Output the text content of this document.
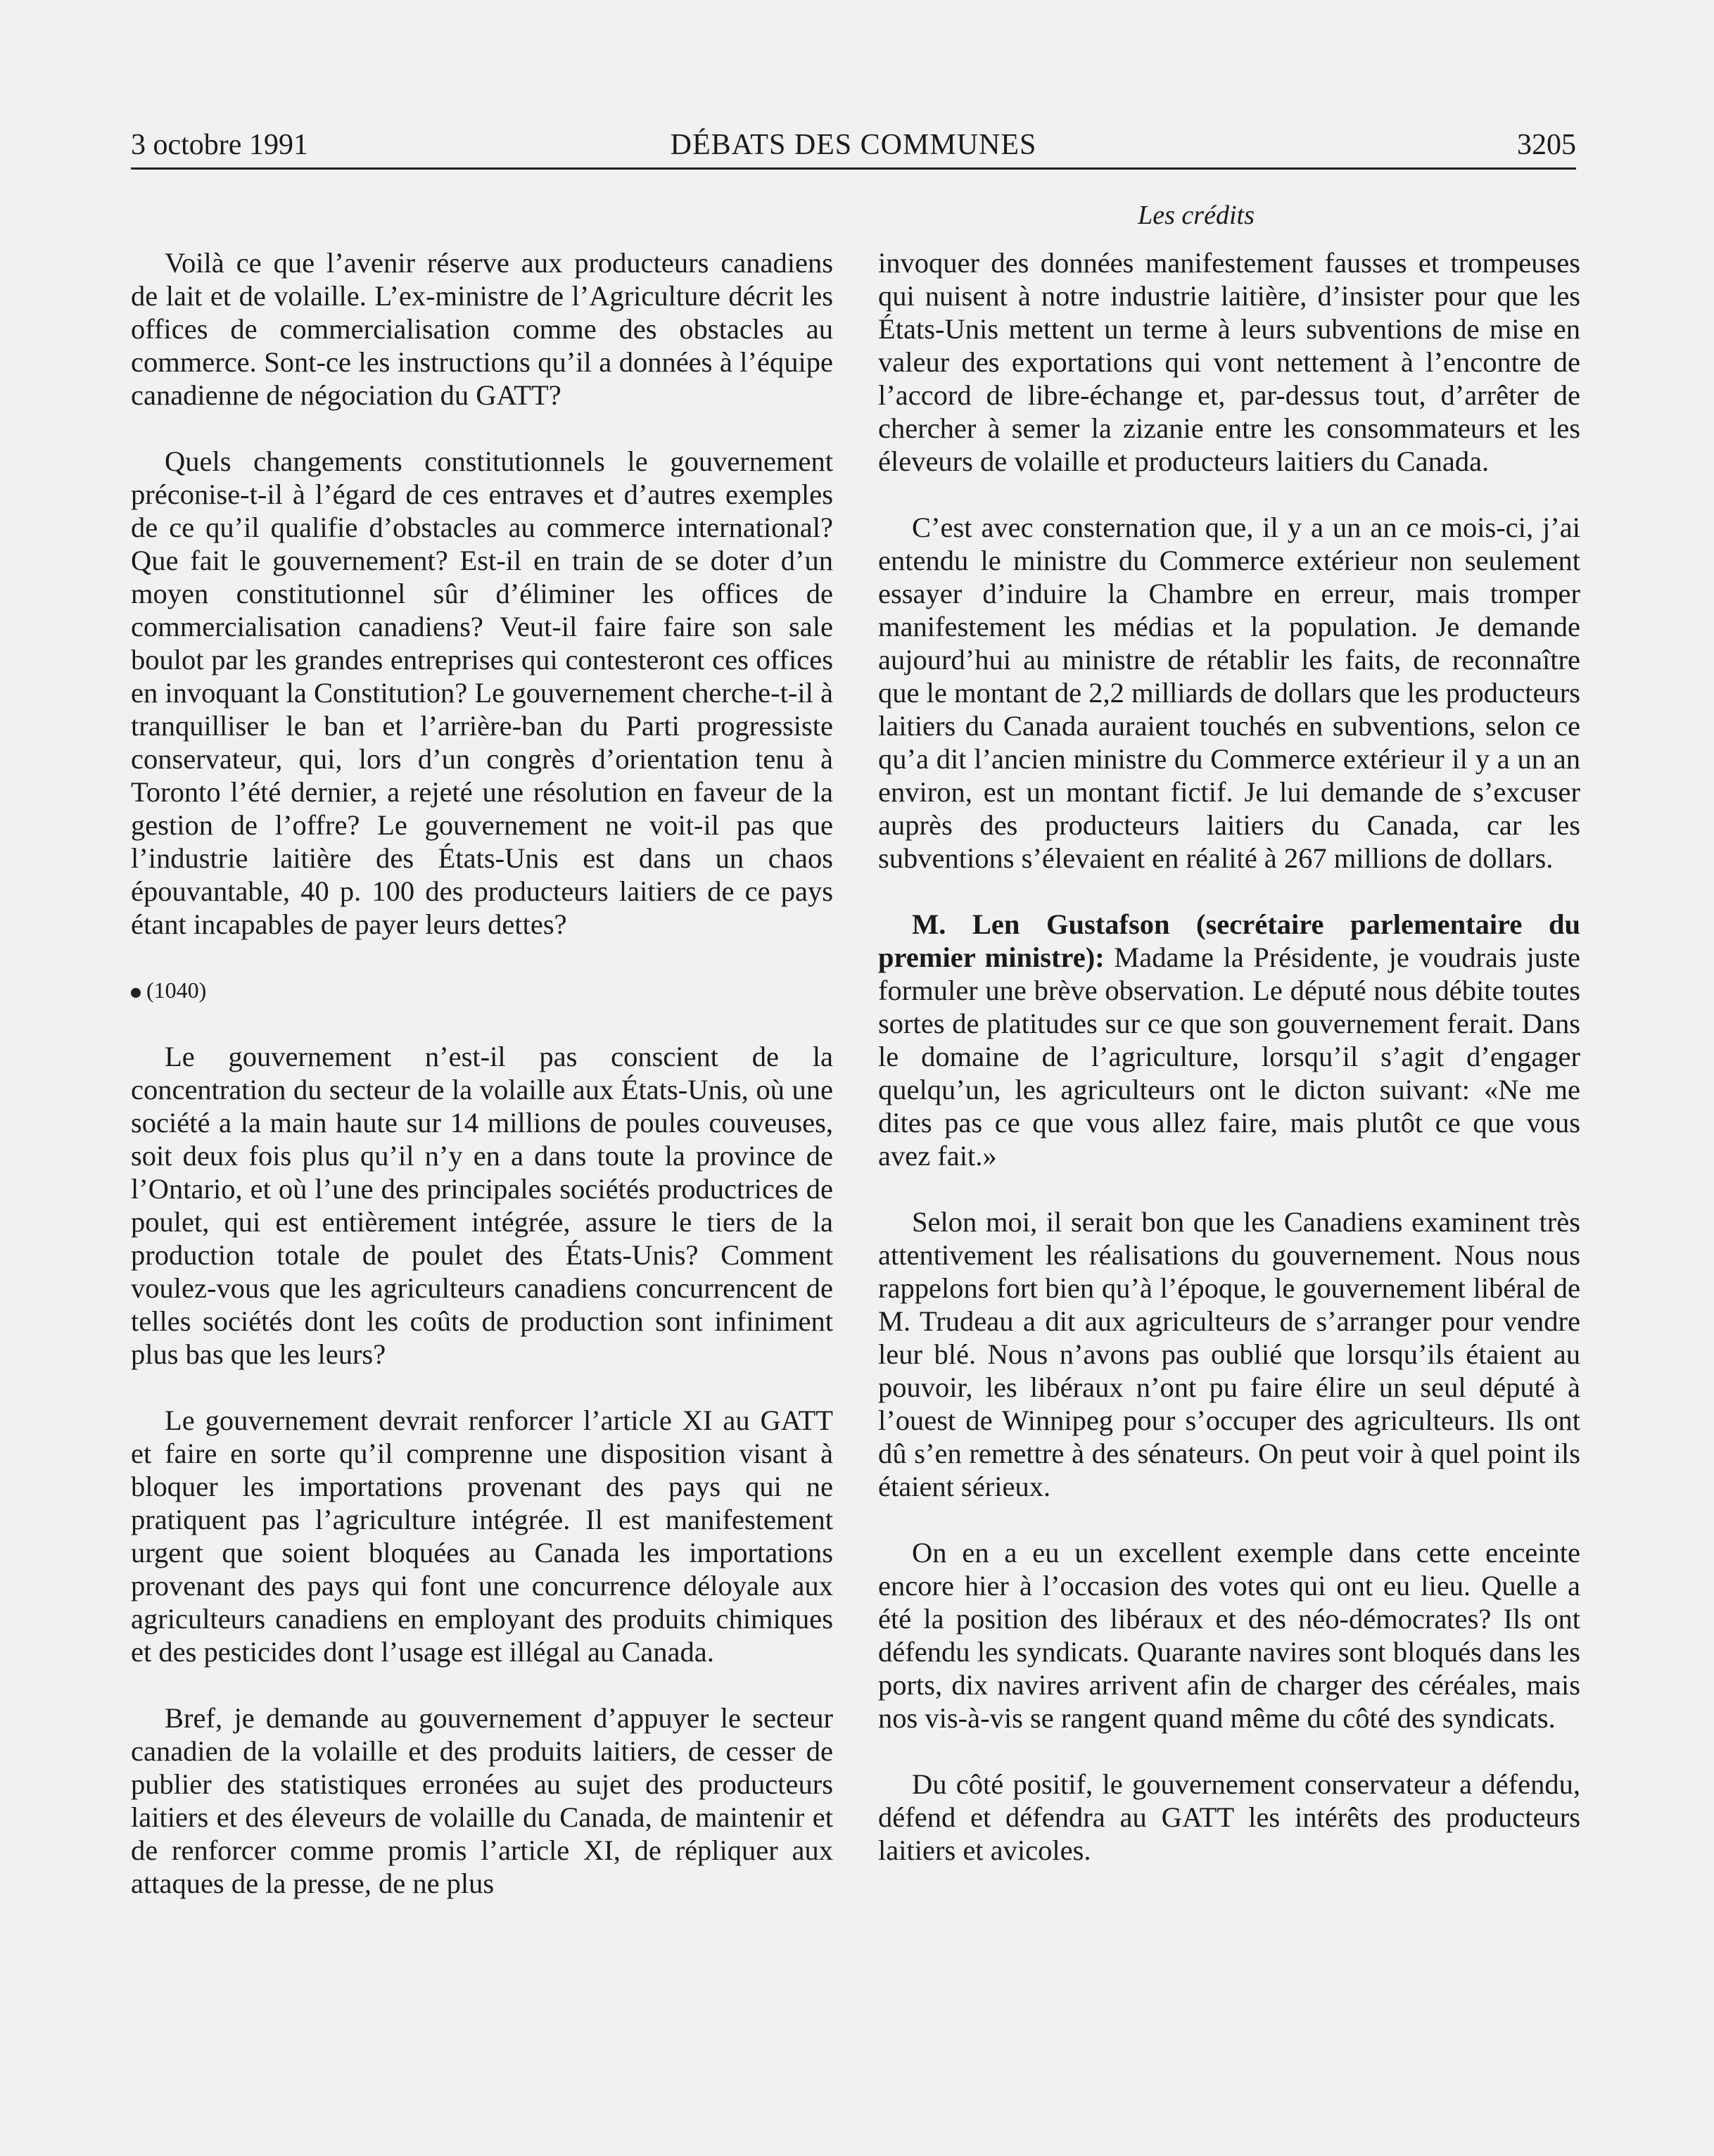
3 octobre 1991	DÉBATS DES COMMUNES	3205
Les crédits

Voilà ce que l’avenir réserve aux producteurs canadiens de lait et de volaille. L’ex-ministre de l’Agriculture décrit les offices de commercialisation comme des obstacles au commerce. Sont-ce les instructions qu’il a données à l’équipe canadienne de négociation du GATT?

Quels changements constitutionnels le gouvernement préconise-t-il à l’égard de ces entraves et d’autres exemples de ce qu’il qualifie d’obstacles au commerce international? Que fait le gouvernement? Est-il en train de se doter d’un moyen constitutionnel sûr d’éliminer les offices de commercialisation canadiens? Veut-il faire faire son sale boulot par les grandes entreprises qui contesteront ces offices en invoquant la Constitution? Le gouvernement cherche-t-il à tranquilliser le ban et l’arrière-ban du Parti progressiste conservateur, qui, lors d’un congrès d’orientation tenu à Toronto l’été dernier, a rejeté une résolution en faveur de la gestion de l’offre? Le gouvernement ne voit-il pas que l’industrie laitière des États-Unis est dans un chaos épouvantable, 40 p. 100 des producteurs laitiers de ce pays étant incapables de payer leurs dettes?

(1040)

Le gouvernement n’est-il pas conscient de la concentration du secteur de la volaille aux États-Unis, où une société a la main haute sur 14 millions de poules couveuses, soit deux fois plus qu’il n’y en a dans toute la province de l’Ontario, et où l’une des principales sociétés productrices de poulet, qui est entièrement intégrée, assure le tiers de la production totale de poulet des États-Unis? Comment voulez-vous que les agriculteurs canadiens concurrencent de telles sociétés dont les coûts de production sont infiniment plus bas que les leurs?

Le gouvernement devrait renforcer l’article XI au GATT et faire en sorte qu’il comprenne une disposition visant à bloquer les importations provenant des pays qui ne pratiquent pas l’agriculture intégrée. Il est manifestement urgent que soient bloquées au Canada les importations provenant des pays qui font une concurrence déloyale aux agriculteurs canadiens en employant des produits chimiques et des pesticides dont l’usage est illégal au Canada.

Bref, je demande au gouvernement d’appuyer le secteur canadien de la volaille et des produits laitiers, de cesser de publier des statistiques erronées au sujet des producteurs laitiers et des éleveurs de volaille du Canada, de maintenir et de renforcer comme promis l’article XI, de répliquer aux attaques de la presse, de ne plus

invoquer des données manifestement fausses et trompeuses qui nuisent à notre industrie laitière, d’insister pour que les États-Unis mettent un terme à leurs subventions de mise en valeur des exportations qui vont nettement à l’encontre de l’accord de libre-échange et, par-dessus tout, d’arrêter de chercher à semer la zizanie entre les consommateurs et les éleveurs de volaille et producteurs laitiers du Canada.

C’est avec consternation que, il y a un an ce mois-ci, j’ai entendu le ministre du Commerce extérieur non seulement essayer d’induire la Chambre en erreur, mais tromper manifestement les médias et la population. Je demande aujourd’hui au ministre de rétablir les faits, de reconnaître que le montant de 2,2 milliards de dollars que les producteurs laitiers du Canada auraient touchés en subventions, selon ce qu’a dit l’ancien ministre du Commerce extérieur il y a un an environ, est un montant fictif. Je lui demande de s’excuser auprès des producteurs laitiers du Canada, car les subventions s’élevaient en réalité à 267 millions de dollars.

M. Len Gustafson (secrétaire parlementaire du premier ministre): Madame la Présidente, je voudrais juste formuler une brève observation. Le député nous débite toutes sortes de platitudes sur ce que son gouvernement ferait. Dans le domaine de l’agriculture, lorsqu’il s’agit d’engager quelqu’un, les agriculteurs ont le dicton suivant: «Ne me dites pas ce que vous allez faire, mais plutôt ce que vous avez fait.»

Selon moi, il serait bon que les Canadiens examinent très attentivement les réalisations du gouvernement. Nous nous rappelons fort bien qu’à l’époque, le gouvernement libéral de M. Trudeau a dit aux agriculteurs de s’arranger pour vendre leur blé. Nous n’avons pas oublié que lorsqu’ils étaient au pouvoir, les libéraux n’ont pu faire élire un seul député à l’ouest de Winnipeg pour s’occuper des agriculteurs. Ils ont dû s’en remettre à des sénateurs. On peut voir à quel point ils étaient sérieux.

On en a eu un excellent exemple dans cette enceinte encore hier à l’occasion des votes qui ont eu lieu. Quelle a été la position des libéraux et des néo-démocrates? Ils ont défendu les syndicats. Quarante navires sont bloqués dans les ports, dix navires arrivent afin de charger des céréales, mais nos vis-à-vis se rangent quand même du côté des syndicats.

Du côté positif, le gouvernement conservateur a défendu, défend et défendra au GATT les intérêts des producteurs laitiers et avicoles.
